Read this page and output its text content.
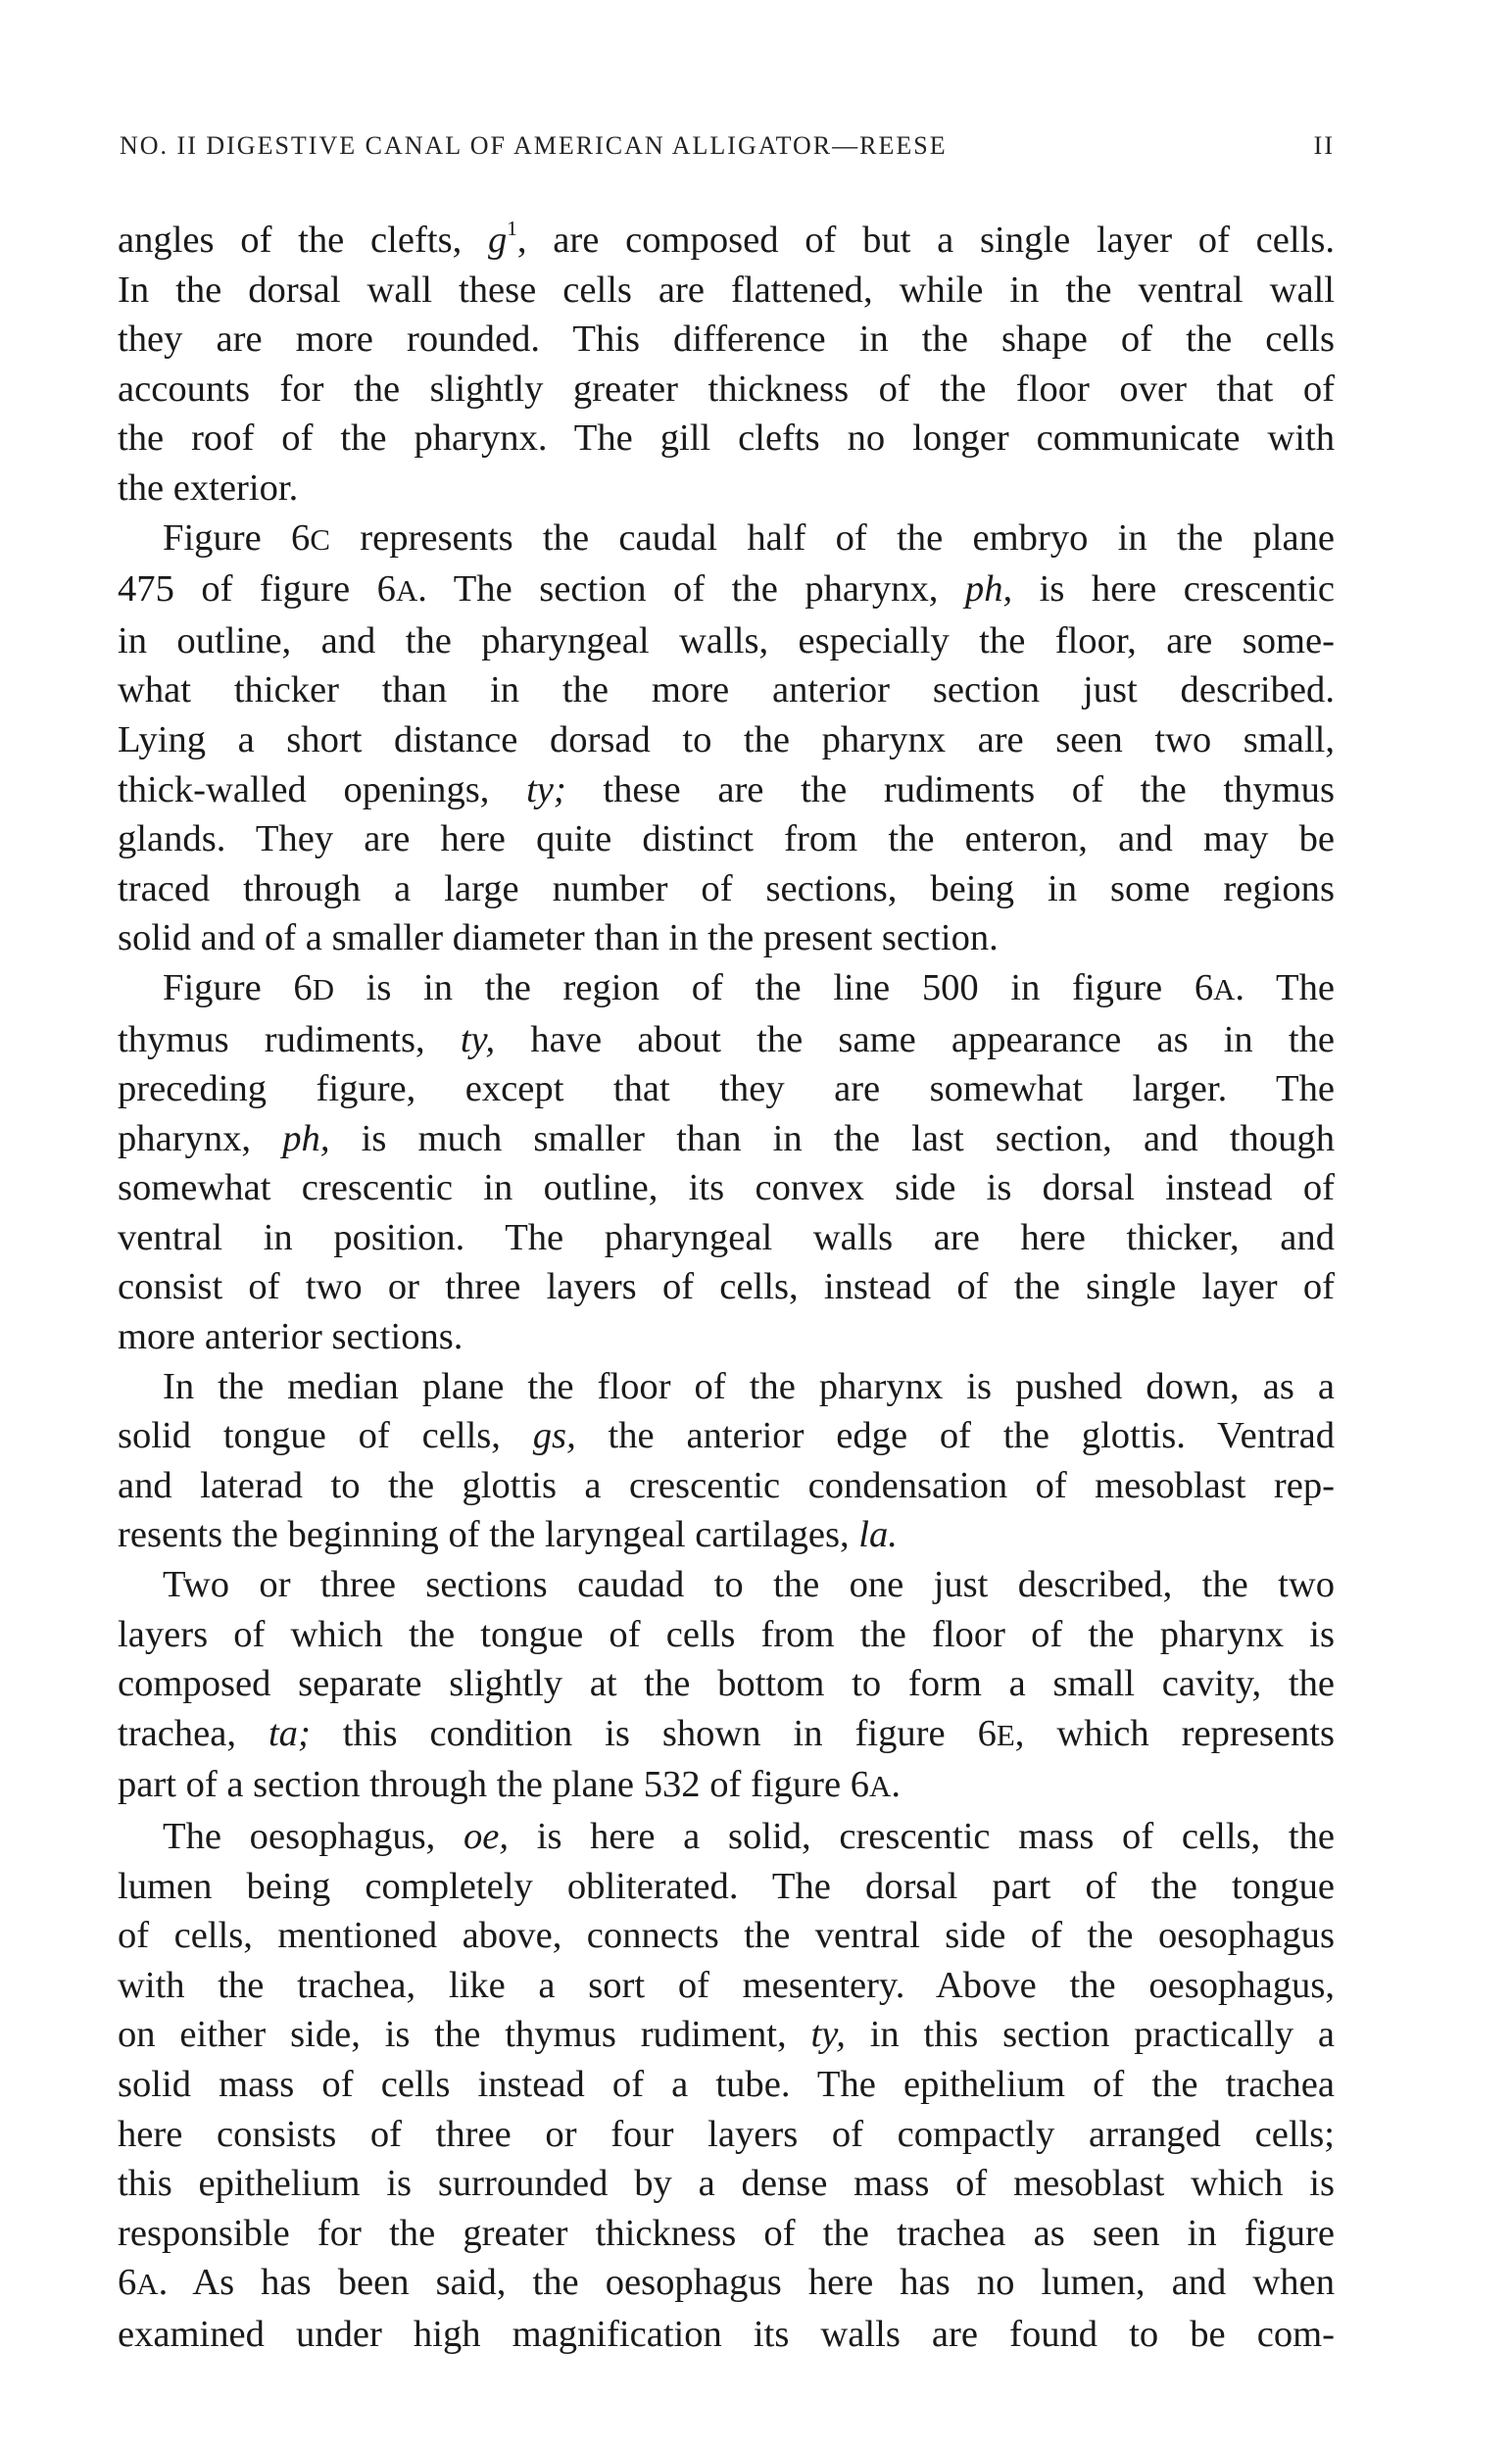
NO. II DIGESTIVE CANAL OF AMERICAN ALLIGATOR—REESE	II

angles of the clefts, $g^1$, are composed of but a single layer of cells.

In the dorsal wall these cells are flattened, while in the ventral wall

they are more rounded. This difference in the shape of the cells

accounts for the slightly greater thickness of the floor over that of

the roof of the pharynx. The gill clefts no longer communicate with

the exterior.

Figure 6C represents the caudal half of the embryo in the plane

475 of figure 6A. The section of the pharynx, ph, is here crescentic

in outline, and the pharyngeal walls, especially the floor, are some-

what thicker than in the more anterior section just described.

Lying a short distance dorsad to the pharynx are seen two small,

thick-walled openings, ty; these are the rudiments of the thymus

glands. They are here quite distinct from the enteron, and may be

traced through a large number of sections, being in some regions

solid and of a smaller diameter than in the present section.

Figure 6D is in the region of the line 500 in figure 6A. The

thymus rudiments, ty, have about the same appearance as in the

preceding figure, except that they are somewhat larger. The

pharynx, ph, is much smaller than in the last section, and though

somewhat crescentic in outline, its convex side is dorsal instead of

ventral in position. The pharyngeal walls are here thicker, and

consist of two or three layers of cells, instead of the single layer of

more anterior sections.

In the median plane the floor of the pharynx is pushed down, as a

solid tongue of cells, gs, the anterior edge of the glottis. Ventrad

and laterad to the glottis a crescentic condensation of mesoblast rep-

resents the beginning of the laryngeal cartilages, la.

Two or three sections caudad to the one just described, the two

layers of which the tongue of cells from the floor of the pharynx is

composed separate slightly at the bottom to form a small cavity, the

trachea, ta; this condition is shown in figure 6E, which represents

part of a section through the plane 532 of figure 6A.

The oesophagus, oe, is here a solid, crescentic mass of cells, the

lumen being completely obliterated. The dorsal part of the tongue

of cells, mentioned above, connects the ventral side of the oesophagus

with the trachea, like a sort of mesentery. Above the oesophagus,

on either side, is the thymus rudiment, ty, in this section practically a

solid mass of cells instead of a tube. The epithelium of the trachea

here consists of three or four layers of compactly arranged cells;

this epithelium is surrounded by a dense mass of mesoblast which is

responsible for the greater thickness of the trachea as seen in figure

6A. As has been said, the oesophagus here has no lumen, and when

examined under high magnification its walls are found to be com-
